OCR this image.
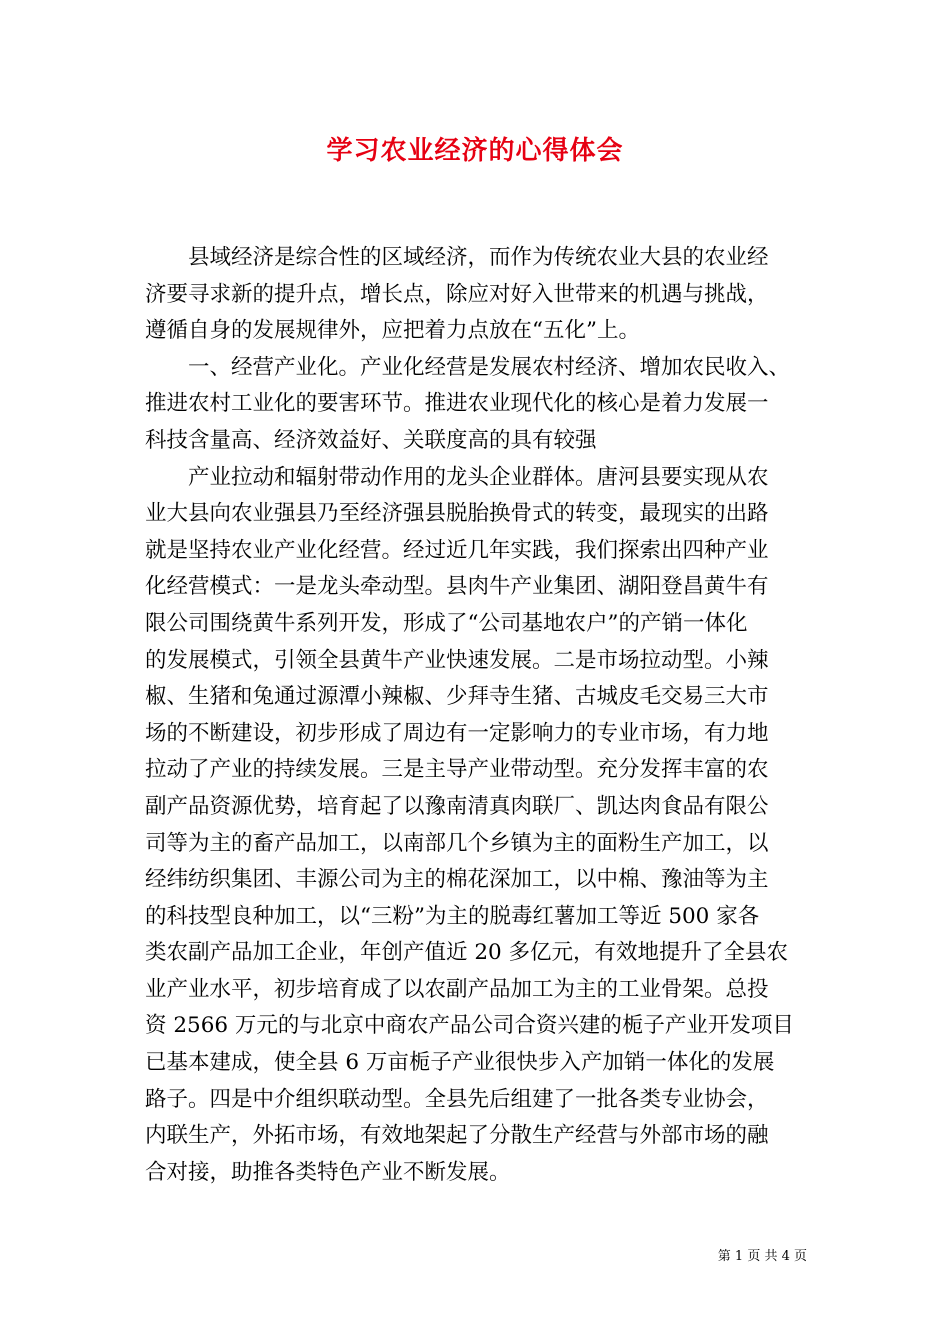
学习农业经济的心得体会
县域经济是综合性的区域经济，而作为传统农业大县的农业经
济要寻求新的提升点，增长点，除应对好入世带来的机遇与挑战，
遵循自身的发展规律外，应把着力点放在“五化”上。
一、经营产业化。产业化经营是发展农村经济、增加农民收入、
推进农村工业化的要害环节。推进农业现代化的核心是着力发展一
科技含量高、经济效益好、关联度高的具有较强
产业拉动和辐射带动作用的龙头企业群体。唐河县要实现从农
业大县向农业强县乃至经济强县脱胎换骨式的转变，最现实的出路
就是坚持农业产业化经营。经过近几年实践，我们探索出四种产业
化经营模式：一是龙头牵动型。县肉牛产业集团、湖阳登昌黄牛有
限公司围绕黄牛系列开发，形成了“公司基地农户”的产销一体化
的发展模式，引领全县黄牛产业快速发展。二是市场拉动型。小辣
椒、生猪和兔通过源潭小辣椒、少拜寺生猪、古城皮毛交易三大市
场的不断建设，初步形成了周边有一定影响力的专业市场，有力地
拉动了产业的持续发展。三是主导产业带动型。充分发挥丰富的农
副产品资源优势，培育起了以豫南清真肉联厂、凯达肉食品有限公
司等为主的畜产品加工，以南部几个乡镇为主的面粉生产加工，以
经纬纺织集团、丰源公司为主的棉花深加工，以中棉、豫油等为主
的科技型良种加工，以“三粉”为主的脱毒红薯加工等近 500 家各
类农副产品加工企业，年创产值近 20 多亿元，有效地提升了全县农
业产业水平，初步培育成了以农副产品加工为主的工业骨架。总投
资 2566 万元的与北京中商农产品公司合资兴建的栀子产业开发项目
已基本建成，使全县 6 万亩栀子产业很快步入产加销一体化的发展
路子。四是中介组织联动型。全县先后组建了一批各类专业协会，
内联生产，外拓市场，有效地架起了分散生产经营与外部市场的融
合对接，助推各类特色产业不断发展。
第 1 页 共 4 页
